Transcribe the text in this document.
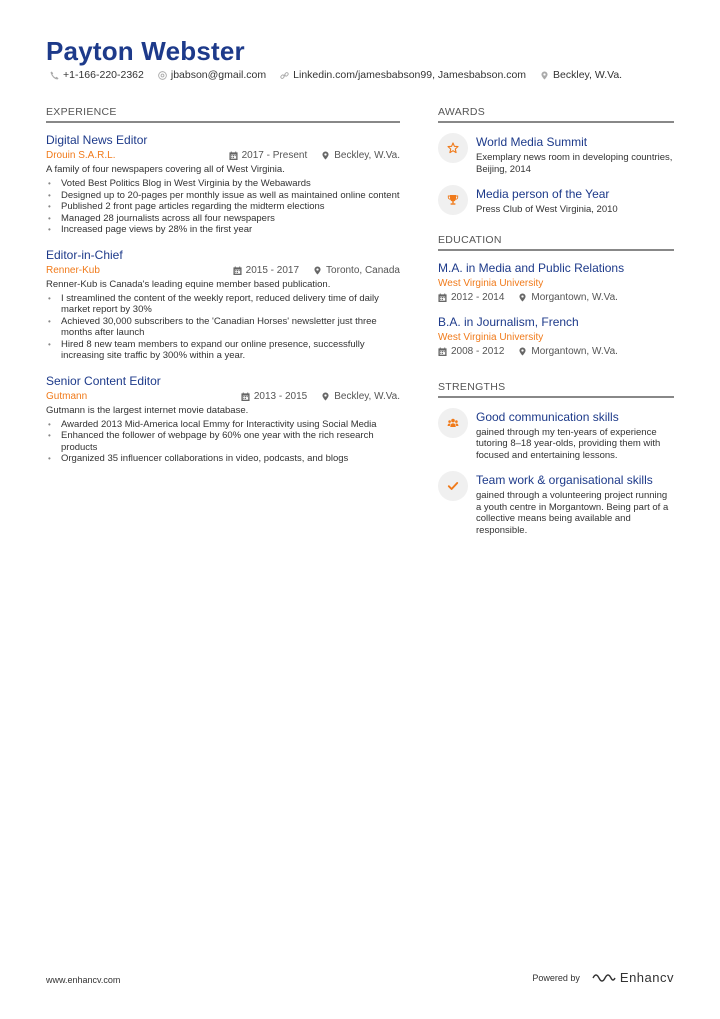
Payton Webster
+1-166-220-2362	jbabson@gmail.com	Linkedin.com/jamesbabson99, Jamesbabson.com	Beckley, W.Va.
EXPERIENCE
Digital News Editor
Drouin S.A.R.L.	2017 - Present	Beckley, W.Va.
A family of four newspapers covering all of West Virginia.
• Voted Best Politics Blog in West Virginia by the Webawards
• Designed up to 20-pages per monthly issue as well as maintained online content
• Published 2 front page articles regarding the midterm elections
• Managed 28 journalists across all four newspapers
• Increased page views by 28% in the first year
Editor-in-Chief
Renner-Kub	2015 - 2017	Toronto, Canada
Renner-Kub is Canada's leading equine member based publication.
• I streamlined the content of the weekly report, reduced delivery time of daily market report by 30%
• Achieved 30,000 subscribers to the 'Canadian Horses' newsletter just three months after launch
• Hired 8 new team members to expand our online presence, successfully increasing site traffic by 300% within a year.
Senior Content Editor
Gutmann	2013 - 2015	Beckley, W.Va.
Gutmann is the largest internet movie database.
• Awarded 2013 Mid-America local Emmy for Interactivity using Social Media
• Enhanced the follower of webpage by 60% one year with the rich research products
• Organized 35 influencer collaborations in video, podcasts, and blogs
AWARDS
World Media Summit
Exemplary news room in developing countries, Beijing, 2014
Media person of the Year
Press Club of West Virginia, 2010
EDUCATION
M.A. in Media and Public Relations
West Virginia University
2012 - 2014	Morgantown, W.Va.
B.A. in Journalism, French
West Virginia University
2008 - 2012	Morgantown, W.Va.
STRENGTHS
Good communication skills
gained through my ten-years of experience tutoring 8–18 year-olds, providing them with focused and entertaining lessons.
Team work & organisational skills
gained through a volunteering project running a youth centre in Morgantown. Being part of a collective means being available and responsible.
www.enhancv.com	Powered by	Enhancv
